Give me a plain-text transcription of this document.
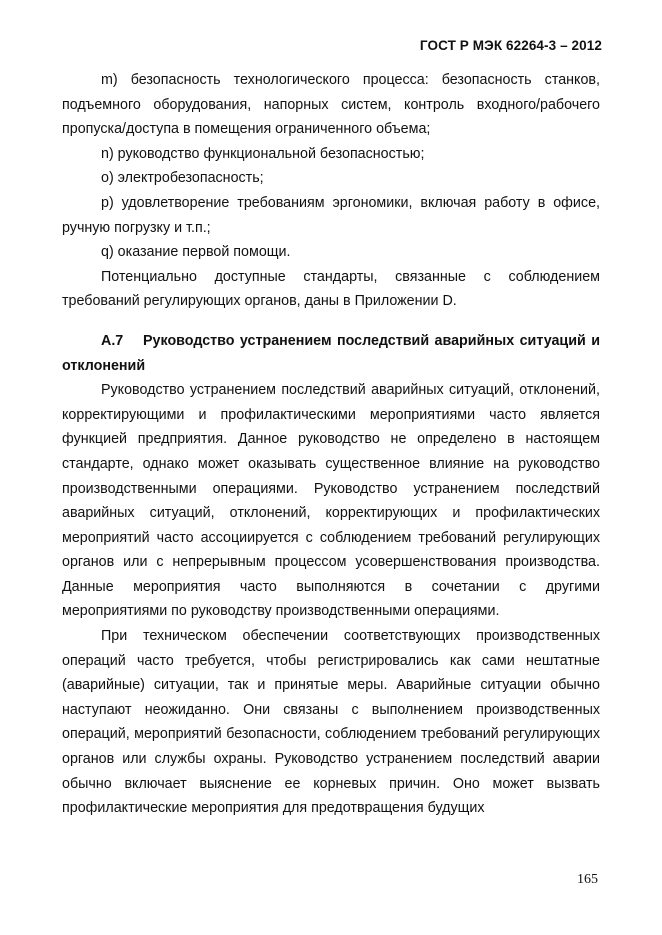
ГОСТ Р МЭК 62264-3 – 2012

m) безопасность технологического процесса: безопасность станков, подъемного оборудования, напорных систем, контроль входного/рабочего пропуска/доступа в помещения ограниченного объема;

n) руководство функциональной безопасностью;

o) электробезопасность;

p) удовлетворение требованиям эргономики, включая работу в офисе, ручную погрузку и т.п.;

q) оказание первой помощи.

Потенциально доступные стандарты, связанные с соблюдением требований регулирующих органов, даны в Приложении D.

А.7 Руководство устранением последствий аварийных ситуаций и отклонений

Руководство устранением последствий аварийных ситуаций, отклонений, корректирующими и профилактическими мероприятиями часто является функцией предприятия. Данное руководство не определено в настоящем стандарте, однако может оказывать существенное влияние на руководство производственными операциями. Руководство устранением последствий аварийных ситуаций, отклонений, корректирующих и профилактических мероприятий часто ассоциируется с соблюдением требований регулирующих органов или с непрерывным процессом усовершенствования производства. Данные мероприятия часто выполняются в сочетании с другими мероприятиями по руководству производственными операциями.

При техническом обеспечении соответствующих производственных операций часто требуется, чтобы регистрировались как сами нештатные (аварийные) ситуации, так и принятые меры. Аварийные ситуации обычно наступают неожиданно. Они связаны с выполнением производственных операций, мероприятий безопасности, соблюдением требований регулирующих органов или службы охраны. Руководство устранением последствий аварии обычно включает выяснение ее корневых причин. Оно может вызвать профилактические мероприятия для предотвращения будущих

165
